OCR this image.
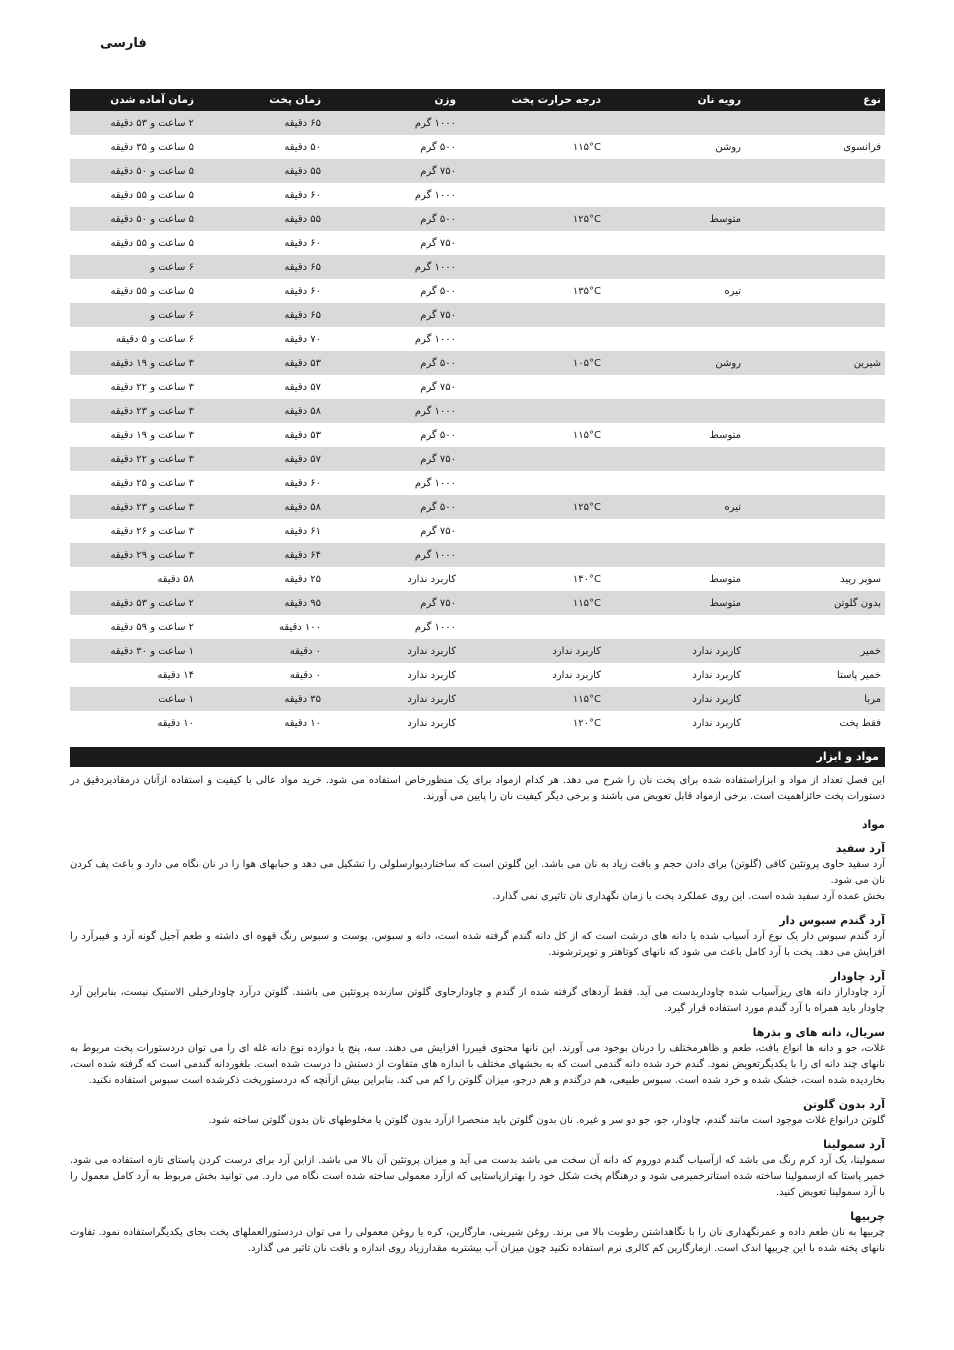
فارسی
نوع	رویه نان	درجه حرارت پخت	وزن	زمان پخت	زمان آماده شدن
			۱۰۰۰ گرم	۶۵ دقیقه	۲ ساعت و ۵۳ دقیقه
فرانسوی	روشن	۱۱۵°C	۵۰۰ گرم	۵۰ دقیقه	۵ ساعت و ۳۵ دقیقه
			۷۵۰ گرم	۵۵ دقیقه	۵ ساعت و ۵۰ دقیقه
			۱۰۰۰ گرم	۶۰ دقیقه	۵ ساعت و ۵۵ دقیقه
	متوسط	۱۲۵°C	۵۰۰ گرم	۵۵ دقیقه	۵ ساعت و ۵۰ دقیقه
			۷۵۰ گرم	۶۰ دقیقه	۵ ساعت و ۵۵ دقیقه
			۱۰۰۰ گرم	۶۵ دقیقه	۶ ساعت و
	تیره	۱۳۵°C	۵۰۰ گرم	۶۰ دقیقه	۵ ساعت و ۵۵ دقیقه
			۷۵۰ گرم	۶۵ دقیقه	۶ ساعت و
			۱۰۰۰ گرم	۷۰ دقیقه	۶ ساعت و ۵ دقیقه
شیرین	روشن	۱۰۵°C	۵۰۰ گرم	۵۳ دقیقه	۳ ساعت و ۱۹ دقیقه
			۷۵۰ گرم	۵۷ دقیقه	۳ ساعت و ۲۲ دقیقه
			۱۰۰۰ گرم	۵۸ دقیقه	۳ ساعت و ۲۳ دقیقه
	متوسط	۱۱۵°C	۵۰۰ گرم	۵۳ دقیقه	۳ ساعت و ۱۹ دقیقه
			۷۵۰ گرم	۵۷ دقیقه	۳ ساعت و ۲۲ دقیقه
			۱۰۰۰ گرم	۶۰ دقیقه	۳ ساعت و ۲۵ دقیقه
	تیره	۱۲۵°C	۵۰۰ گرم	۵۸ دقیقه	۳ ساعت و ۲۳ دقیقه
			۷۵۰ گرم	۶۱ دقیقه	۳ ساعت و ۲۶ دقیقه
			۱۰۰۰ گرم	۶۴ دقیقه	۳ ساعت و ۲۹ دقیقه
سوپر رپید	متوسط	۱۴۰°C	کاربرد ندارد	۲۵ دقیقه	۵۸ دقیقه
بدون گلوتن	متوسط	۱۱۵°C	۷۵۰ گرم	۹۵ دقیقه	۲ ساعت و ۵۳ دقیقه
			۱۰۰۰ گرم	۱۰۰ دقیقه	۲ ساعت و ۵۹ دقیقه
خمیر	کاربرد ندارد	کاربرد ندارد	کاربرد ندارد	۰ دقیقه	۱ ساعت و ۳۰ دقیقه
خمیر پاستا	کاربرد ندارد	کاربرد ندارد	کاربرد ندارد	۰ دقیقه	۱۴ دقیقه
مربا	کاربرد ندارد	۱۱۵°C	کاربرد ندارد	۳۵ دقیقه	۱ ساعت
فقط پخت	کاربرد ندارد	۱۲۰°C	کاربرد ندارد	۱۰ دقیقه	۱۰ دقیقه
مواد و ابزار

این فصل تعداد از مواد و ابزاراستفاده شده برای پخت نان را شرح می دهد. هر کدام ازمواد برای یک منظورخاص استفاده می شود. خرید مواد عالی با کیفیت و استفاده ازآنان درمقادیردقیق در دستورات پخت حائزاهمیت است. برخی ازمواد قابل تعویض می باشند و برخی دیگر کیفیت نان را پایین می آورند.

مواد
آرد سفید

آرد سفید حاوی پروتئین کافی (گلوتن) برای دادن حجم و بافت زیاد به نان می باشد. این گلوتن است که ساختاردیوارسلولی را تشکیل می دهد و حبابهای هوا را در نان نگاه می دارد و باعث پف کردن نان می شود.

بخش عمده آرد سفید شده است. این روی عملکرد پخت یا زمان نگهداری نان تاثیری نمی گذارد.

آرد گندم سبوس دار

آرد گندم سبوس دار یک نوع آرد آسیاب شده یا دانه های درشت است که از کل دانه گندم گرفته شده است، دانه و سبوس. پوست و سبوس رنگ قهوه ای داشته و طعم آجیل گونه آرد و فیبرآرد را افزایش می دهد. پخت با آرد کامل باعث می شود که نانهای کوتاهتر و توپرترشوند.

آرد چاودار

آرد چاوداراز دانه های ریزآسیاب شده چاوداربدست می آید. فقط آردهای گرفته شده از گندم و چاودارحاوی گلوتن سازنده پروتئین می باشند. گلوتن درآرد چاودارخیلی الاستیک نیست، بنابراین آرد چاودار باید همراه با آرد گندم مورد استفاده قرار گیرد.

سریال، دانه های و بذرها

غلات، جو و دانه ها انواع بافت، طعم و ظاهرمختلف را درنان بوجود می آورند. این نانها محتوی فیبررا افزایش می دهند. سه، پنج یا دوازده نوع دانه غله ای را می توان دردستورات پخت مربوط به نانهای چند دانه ای را با یکدیگرتعویض نمود. گندم خرد شده دانه گندمی است که به بخشهای مختلف با اندازه های متفاوت از دستش دا درست شده است. بلغوردانه گندمی است که گرفته شده است، بخاردیده شده است، خشک شده و خرد شده است. سبوس طبیعی، هم درگندم و هم درجو، میزان گلوتن را کم می کند. بنابراین بیش ازآنچه که دردستورپخت ذکرشده است سبوس استفاده نکنید.

آرد بدون گلوتن

گلوتن درانواع غلات موجود است مانند گندم، چاودار، جو، جو دو سر و غیره. نان بدون گلوتن باید منحصرا ازآرد بدون گلوتن یا مخلوطهای نان بدون گلوتن ساخته شود.

آرد سمولینا

سمولینا، یک آرد کرم رنگ می باشد که ازآسیاب گندم دوروم که دانه آن سخت می باشد بدست می آید و میزان پروتئین آن بالا می باشد. ازاین آرد برای درست کردن پاستای تازه استفاده می شود. خمیر پاستا که ازسمولینا ساخته شده استاترخمیرمی شود و درهنگام پخت شکل خود را بهترازپاستایی که ازآرد معمولی ساخته شده است نگاه می دارد. می توانید بخش مربوط به آرد کامل معمول را با آرد سمولینا تعویض کنید.

چربیها

چربیها به نان طعم داده و عمرنگهداری نان را با نگاهداشتن رطوبت بالا می برند. روغن شیرینی، مارگارین، کره یا روغن معمولی را می توان دردستورالعملهای پخت بجای یکدیگراستفاده نمود. تفاوت نانهای پخته شده با این چربیها اندک است. ازمارگارین کم کالری نرم استفاده نکنید چون میزان آب بیشتربه مقدارزیاد روی اندازه و بافت نان تاثیر می گذارد.
